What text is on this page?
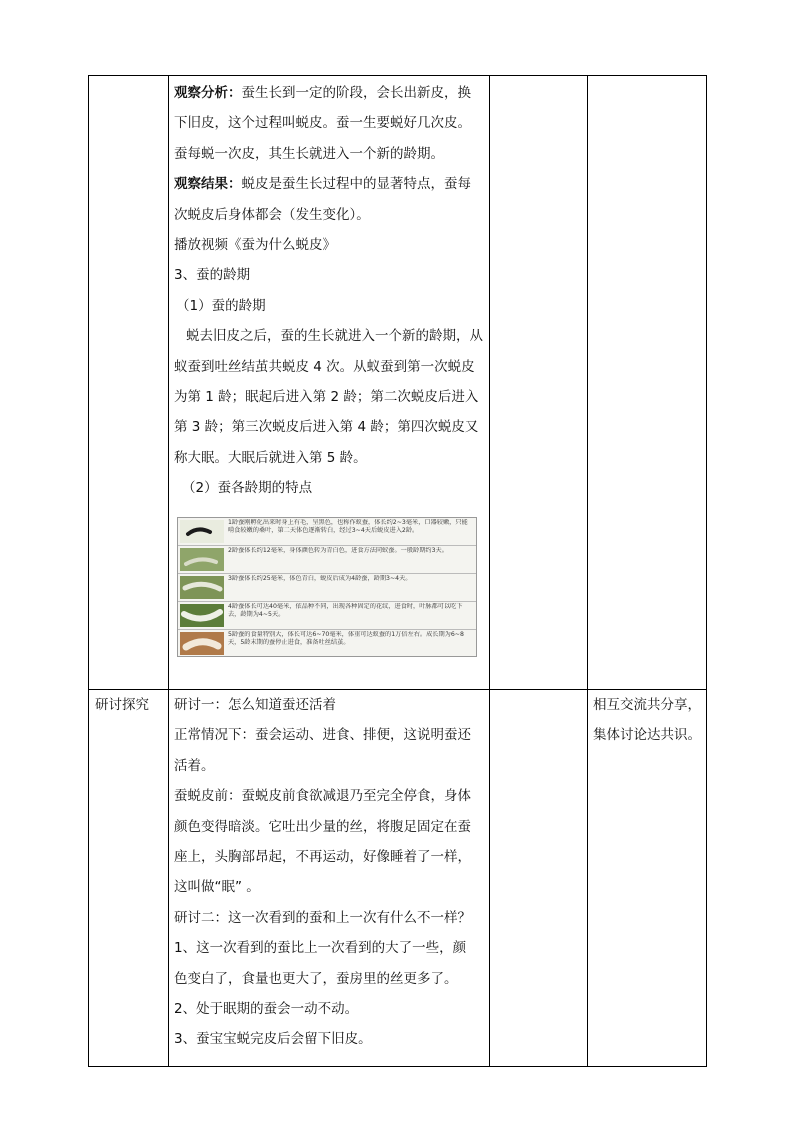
观察分析：蚕生长到一定的阶段，会长出新皮，换

下旧皮，这个过程叫蜕皮。蚕一生要蜕好几次皮。

蚕每蜕一次皮，其生长就进入一个新的龄期。

观察结果：蜕皮是蚕生长过程中的显著特点，蚕每

次蜕皮后身体都会（发生变化）。

播放视频《蚕为什么蜕皮》

3、蚕的龄期

（1）蚕的龄期

蜕去旧皮之后，蚕的生长就进入一个新的龄期，从

蚁蚕到吐丝结茧共蜕皮 4 次。从蚁蚕到第一次蜕皮

为第 1 龄；眠起后进入第 2 龄；第二次蜕皮后进入

第 3 龄；第三次蜕皮后进入第 4 龄；第四次蜕皮又

称大眠。大眠后就进入第 5 龄。

（2）蚕各龄期的特点

1龄蚕刚孵化出来时身上有毛，呈黑色，也称作蚁蚕，体长约2~3毫米，口器较嫩，只能啃食较嫩的桑叶，第二天体色逐渐转白，经过3~4天后蜕皮进入2龄。
2龄蚕体长约12毫米，身体颜色转为青白色，进食方法同蚁蚕。一般龄期约3天。
3龄蚕体长约25毫米，体色青白，蜕皮后成为4龄蚕，龄期3~4天。
4龄蚕体长可达40毫米，依品种不同，出现各种固定的花纹，进食时，叶脉都可以吃下去，龄期为4~5天。
5龄蚕的食量特别大，体长可达6~70毫米，体重可达蚁蚕的1万倍左右。成长期为6~8天，5龄末期的蚕停止进食，准备吐丝结茧。

研讨探究	研讨一：怎么知道蚕还活着

正常情况下：蚕会运动、进食、排便，这说明蚕还

活着。

蚕蜕皮前：蚕蜕皮前食欲减退乃至完全停食，身体

颜色变得暗淡。它吐出少量的丝，将腹足固定在蚕

座上，头胸部昂起，不再运动，好像睡着了一样，

这叫做“眠” 。

研讨二：这一次看到的蚕和上一次有什么不一样？

1、这一次看到的蚕比上一次看到的大了一些，颜

色变白了，食量也更大了，蚕房里的丝更多了。

2、处于眠期的蚕会一动不动。

3、蚕宝宝蜕完皮后会留下旧皮。

相互交流共分享，

集体讨论达共识。
